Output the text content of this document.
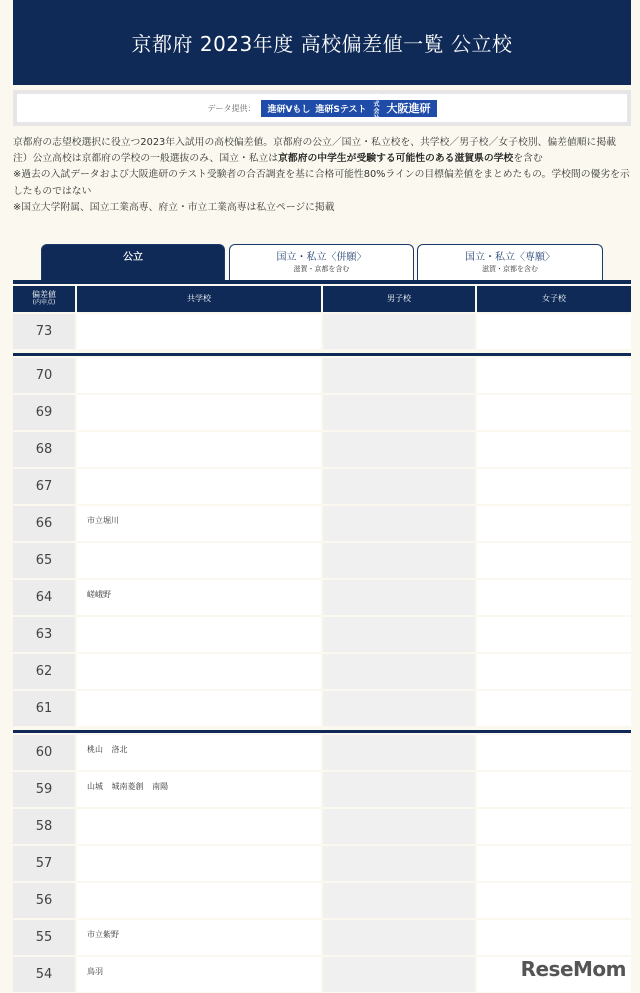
京都府 2023年度 高校偏差値一覧 公立校
データ提供： 進研Vもし 進研Sテスト
株式会社
大阪進研

京都府の志望校選択に役立つ2023年入試用の高校偏差値。京都府の公立／国立・私立校を、共学校／男子校／女子校別、偏差値順に掲載

注）公立高校は京都府の学校の一般選抜のみ、国立・私立は京都府の中学生が受験する可能性のある滋賀県の学校を含む

※過去の入試データおよび大阪進研のテスト受験者の合否調査を基に合格可能性80%ラインの目標偏差値をまとめたもの。学校間の優劣を示したものではない

※国立大学附属、国立工業高専、府立・市立工業高専は私立ページに掲載

公立	国立・私立〈併願〉
滋賀・京都を含む
国立・私立〈専願〉
滋賀・京都を含む
偏差値
(内申点)	共学校	男子校	女子校
73
70
69
68
67
66	市立堀川
65
64	嵯峨野
63
62
61
60	桃山 洛北
59	山城 城南菱創 南陽
58
57
56
55	市立紫野
54	鳥羽	ReseMom
